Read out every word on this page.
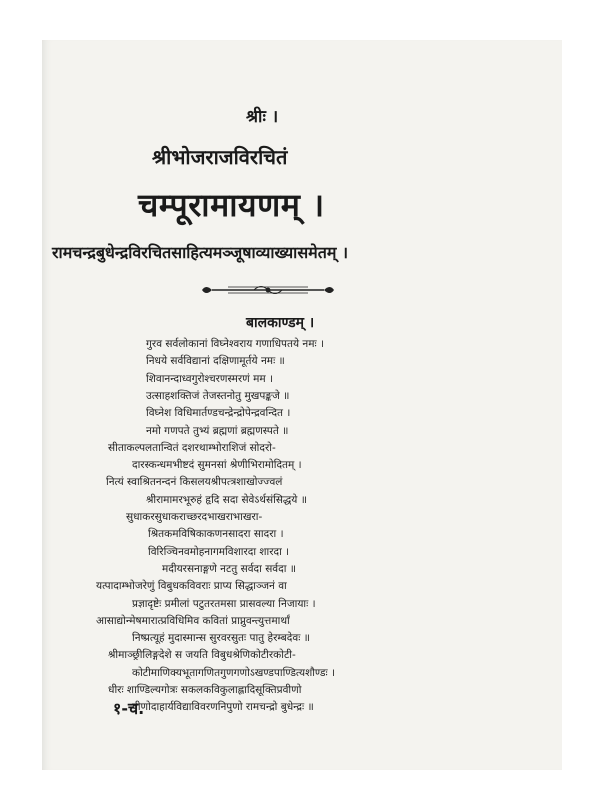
श्रीः ।
श्रीभोजराजविरचितं
चम्पूरामायणम् ।
रामचन्द्रबुधेन्द्रविरचितसाहित्यमञ्जूषाव्याख्यासमेतम् ।
बालकाण्डम् ।
गुरव सर्वलोकानां विघ्नेश्वराय गणाधिपतये नमः ।
निधये सर्वविद्यानां दक्षिणामूर्तये नमः ॥
शिवानन्दाध्वगुरोश्चरणस्मरणं मम ।
उत्साहशक्तिजं तेजस्तनोतु मुखपङ्कजे ॥
विघ्नेश विधिमार्तण्डचन्द्रेन्द्रोपेन्द्रवन्दित ।
नमो गणपते तुभ्यं ब्रह्मणां ब्रह्मणस्पते ॥
सीताकल्पलतान्वितं दशरथाम्भोराशिजं सोदरो-
दारस्कन्धमभीष्टदं सुमनसां श्रेणीभिरामोदितम् ।
नित्यं स्वाश्रितनन्दनं किसलयश्रीपत्त्रशाखोज्ज्वलं
श्रीरामामरभूरुहं हृदि सदा सेवेऽर्थसंसिद्धये ॥
सुधाकरसुधाकराच्छरदभाखराभाखरा-
श्रितकमविषिकाकणनसादरा सादरा ।
विरिञ्चिनवमोहनागमविशारदा शारदा ।
मदीयरसनाङ्गणे नटतु सर्वदा सर्वदा ॥
यत्पादाम्भोजरेणुं विबुधकविवराः प्राप्य सिद्धाञ्जनं वा
प्रज्ञादृष्टेः प्रमीलां पटुतरतमसा प्रासवल्या निजायाः ।
आसाद्योन्मेषमारात्प्रविधिमिव कवितां प्राप्नुवन्त्युत्तमार्थां
निष्प्रत्यूहं मुदास्मान्स सुरवरसुतः पातु हेरम्बदेवः ॥
श्रीमाञ्छ्रीलिङ्गदेशे स जयति विबुधश्रेणिकोटीरकोटी-
कोटीमाणिक्यभूतागणितगुणगणोऽखण्डपाण्डित्यशौण्डः ।
धीरः शाण्डिल्यगोत्रः सकलकविकुलाह्लादिसूक्तिप्रवीणो
वीणोदाहार्यविद्याविवरणनिपुणो रामचन्द्रो बुधेन्द्रः ॥
१-च.
